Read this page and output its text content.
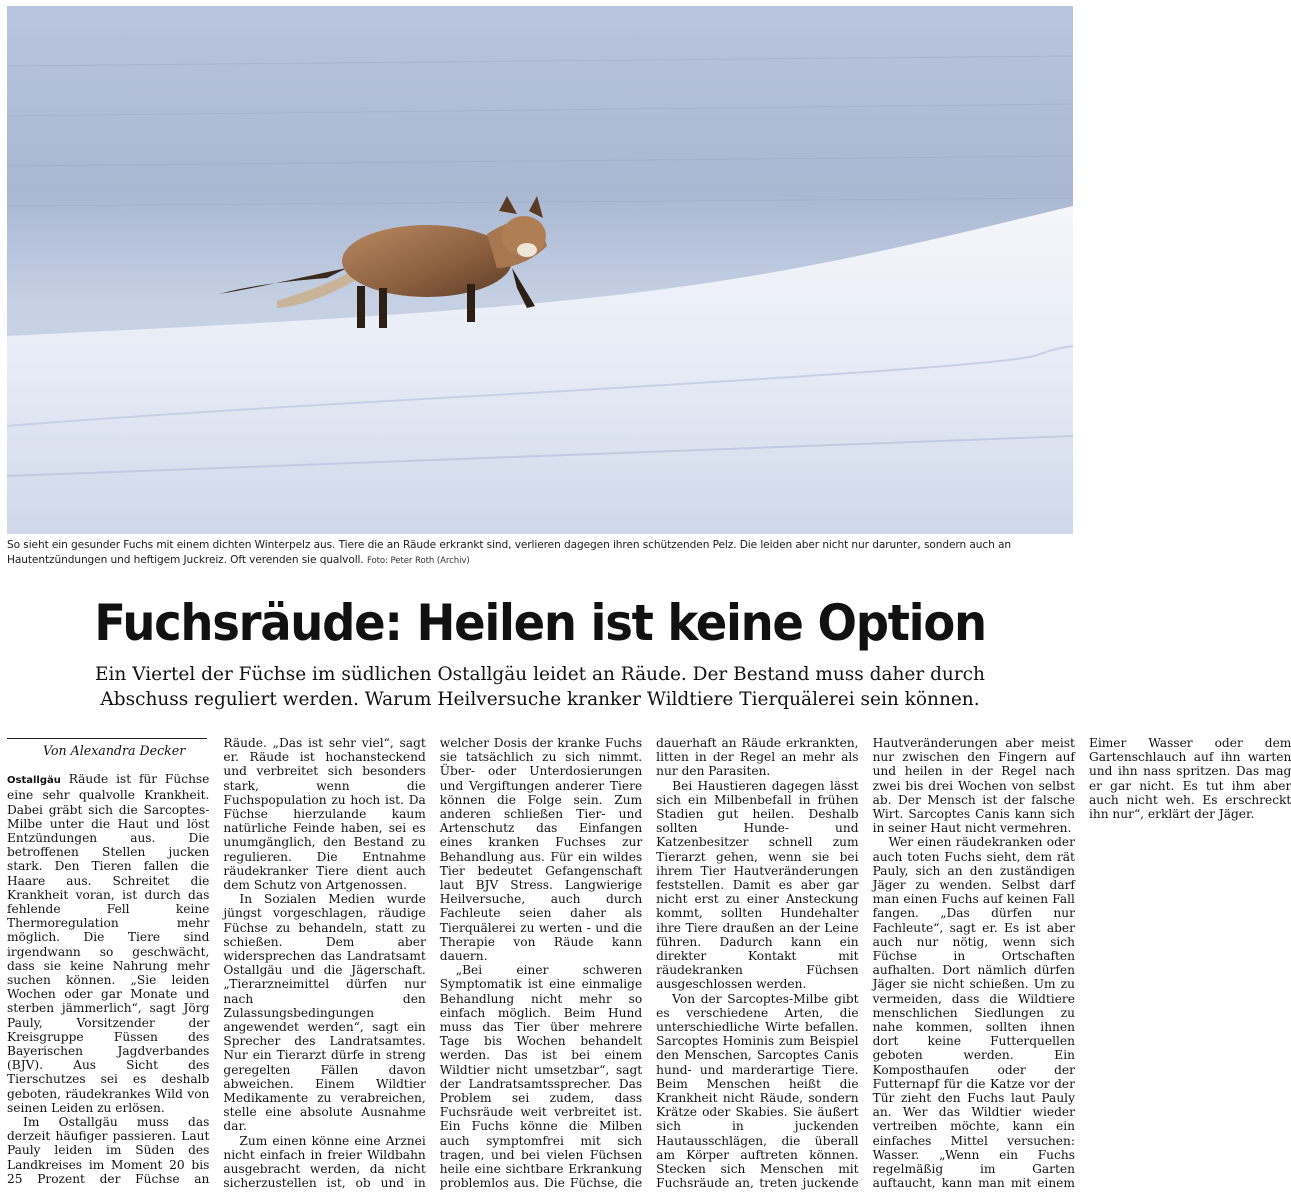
So sieht ein gesunder Fuchs mit einem dichten Winterpelz aus. Tiere die an Räude erkrankt sind, verlieren dagegen ihren schützenden Pelz. Die leiden aber nicht nur darunter, sondern auch an Hautentzündungen und heftigem Juckreiz. Oft verenden sie qualvoll. Foto: Peter Roth (Archiv)
Fuchsräude: Heilen ist keine Option

Ein Viertel der Füchse im südlichen Ostallgäu leidet an Räude. Der Bestand muss daher durch Abschuss reguliert werden. Warum Heilversuche kranker Wildtiere Tierquälerei sein können.

Von Alexandra Decker

Ostallgäu Räude ist für Füchse eine sehr qualvolle Krankheit. Dabei gräbt sich die Sarcoptes-Milbe unter die Haut und löst Entzündungen aus. Die betroffenen Stellen jucken stark. Den Tieren fallen die Haare aus. Schreitet die Krankheit voran, ist durch das fehlende Fell keine Thermoregulation mehr möglich. Die Tiere sind irgendwann so geschwächt, dass sie keine Nahrung mehr suchen können. „Sie leiden Wochen oder gar Monate und sterben jämmerlich“, sagt Jörg Pauly, Vorsitzender der Kreisgruppe Füssen des Bayerischen Jagdverbandes (BJV). Aus Sicht des Tierschutzes sei es deshalb geboten, räudekrankes Wild von seinen Leiden zu erlösen.

Im Ostallgäu muss das derzeit häufiger passieren. Laut Pauly leiden im Süden des Landkreises im Moment 20 bis 25 Prozent der Füchse an Räude. „Das ist sehr viel“, sagt er. Räude ist hochansteckend und verbreitet sich besonders stark, wenn die Fuchspopulation zu hoch ist. Da Füchse hierzulande kaum natürliche Feinde haben, sei es unumgänglich, den Bestand zu regulieren. Die Entnahme räudekranker Tiere dient auch dem Schutz von Artgenossen.

In Sozialen Medien wurde jüngst vorgeschlagen, räudige Füchse zu behandeln, statt zu schießen. Dem aber widersprechen das Landratsamt Ostallgäu und die Jägerschaft. „Tierarzneimittel dürfen nur nach den Zulassungsbedingungen angewendet werden“, sagt ein Sprecher des Landratsamtes. Nur ein Tierarzt dürfe in streng geregelten Fällen davon abweichen. Einem Wildtier Medikamente zu verabreichen, stelle eine absolute Ausnahme dar.

Zum einen könne eine Arznei nicht einfach in freier Wildbahn ausgebracht werden, da nicht sicherzustellen ist, ob und in welcher Dosis der kranke Fuchs sie tatsächlich zu sich nimmt. Über- oder Unterdosierungen und Vergiftungen anderer Tiere können die Folge sein. Zum anderen schließen Tier- und Artenschutz das Einfangen eines kranken Fuchses zur Behandlung aus. Für ein wildes Tier bedeutet Gefangenschaft laut BJV Stress. Langwierige Heilversuche, auch durch Fachleute seien daher als Tierquälerei zu werten - und die Therapie von Räude kann dauern.

„Bei einer schweren Symptomatik ist eine einmalige Behandlung nicht mehr so einfach möglich. Beim Hund muss das Tier über mehrere Tage bis Wochen behandelt werden. Das ist bei einem Wildtier nicht umsetzbar“, sagt der Landratsamtssprecher. Das Problem sei zudem, dass Fuchsräude weit verbreitet ist. Ein Fuchs könne die Milben auch symptomfrei mit sich tragen, und bei vielen Füchsen heile eine sichtbare Erkrankung problemlos aus. Die Füchse, die dauerhaft an Räude erkrankten, litten in der Regel an mehr als nur den Parasiten.

Bei Haustieren dagegen lässt sich ein Milbenbefall in frühen Stadien gut heilen. Deshalb sollten Hunde- und Katzenbesitzer schnell zum Tierarzt gehen, wenn sie bei ihrem Tier Hautveränderungen feststellen. Damit es aber gar nicht erst zu einer Ansteckung kommt, sollten Hundehalter ihre Tiere draußen an der Leine führen. Dadurch kann ein direkter Kontakt mit räudekranken Füchsen ausgeschlossen werden.

Von der Sarcoptes-Milbe gibt es verschiedene Arten, die unterschiedliche Wirte befallen. Sarcoptes Hominis zum Beispiel den Menschen, Sarcoptes Canis hund- und marderartige Tiere. Beim Menschen heißt die Krankheit nicht Räude, sondern Krätze oder Skabies. Sie äußert sich in juckenden Hautausschlägen, die überall am Körper auftreten können. Stecken sich Menschen mit Fuchsräude an, treten juckende Hautveränderungen aber meist nur zwischen den Fingern auf und heilen in der Regel nach zwei bis drei Wochen von selbst ab. Der Mensch ist der falsche Wirt. Sarcoptes Canis kann sich in seiner Haut nicht vermehren.

Wer einen räudekranken oder auch toten Fuchs sieht, dem rät Pauly, sich an den zuständigen Jäger zu wenden. Selbst darf man einen Fuchs auf keinen Fall fangen. „Das dürfen nur Fachleute“, sagt er. Es ist aber auch nur nötig, wenn sich Füchse in Ortschaften aufhalten. Dort nämlich dürfen Jäger sie nicht schießen. Um zu vermeiden, dass die Wildtiere menschlichen Siedlungen zu nahe kommen, sollten ihnen dort keine Futterquellen geboten werden. Ein Komposthaufen oder der Futternapf für die Katze vor der Tür zieht den Fuchs laut Pauly an. Wer das Wildtier wieder vertreiben möchte, kann ein einfaches Mittel versuchen: Wasser. „Wenn ein Fuchs regelmäßig im Garten auftaucht, kann man mit einem Eimer Wasser oder dem Gartenschlauch auf ihn warten und ihn nass spritzen. Das mag er gar nicht. Es tut ihm aber auch nicht weh. Es erschreckt ihn nur“, erklärt der Jäger.
